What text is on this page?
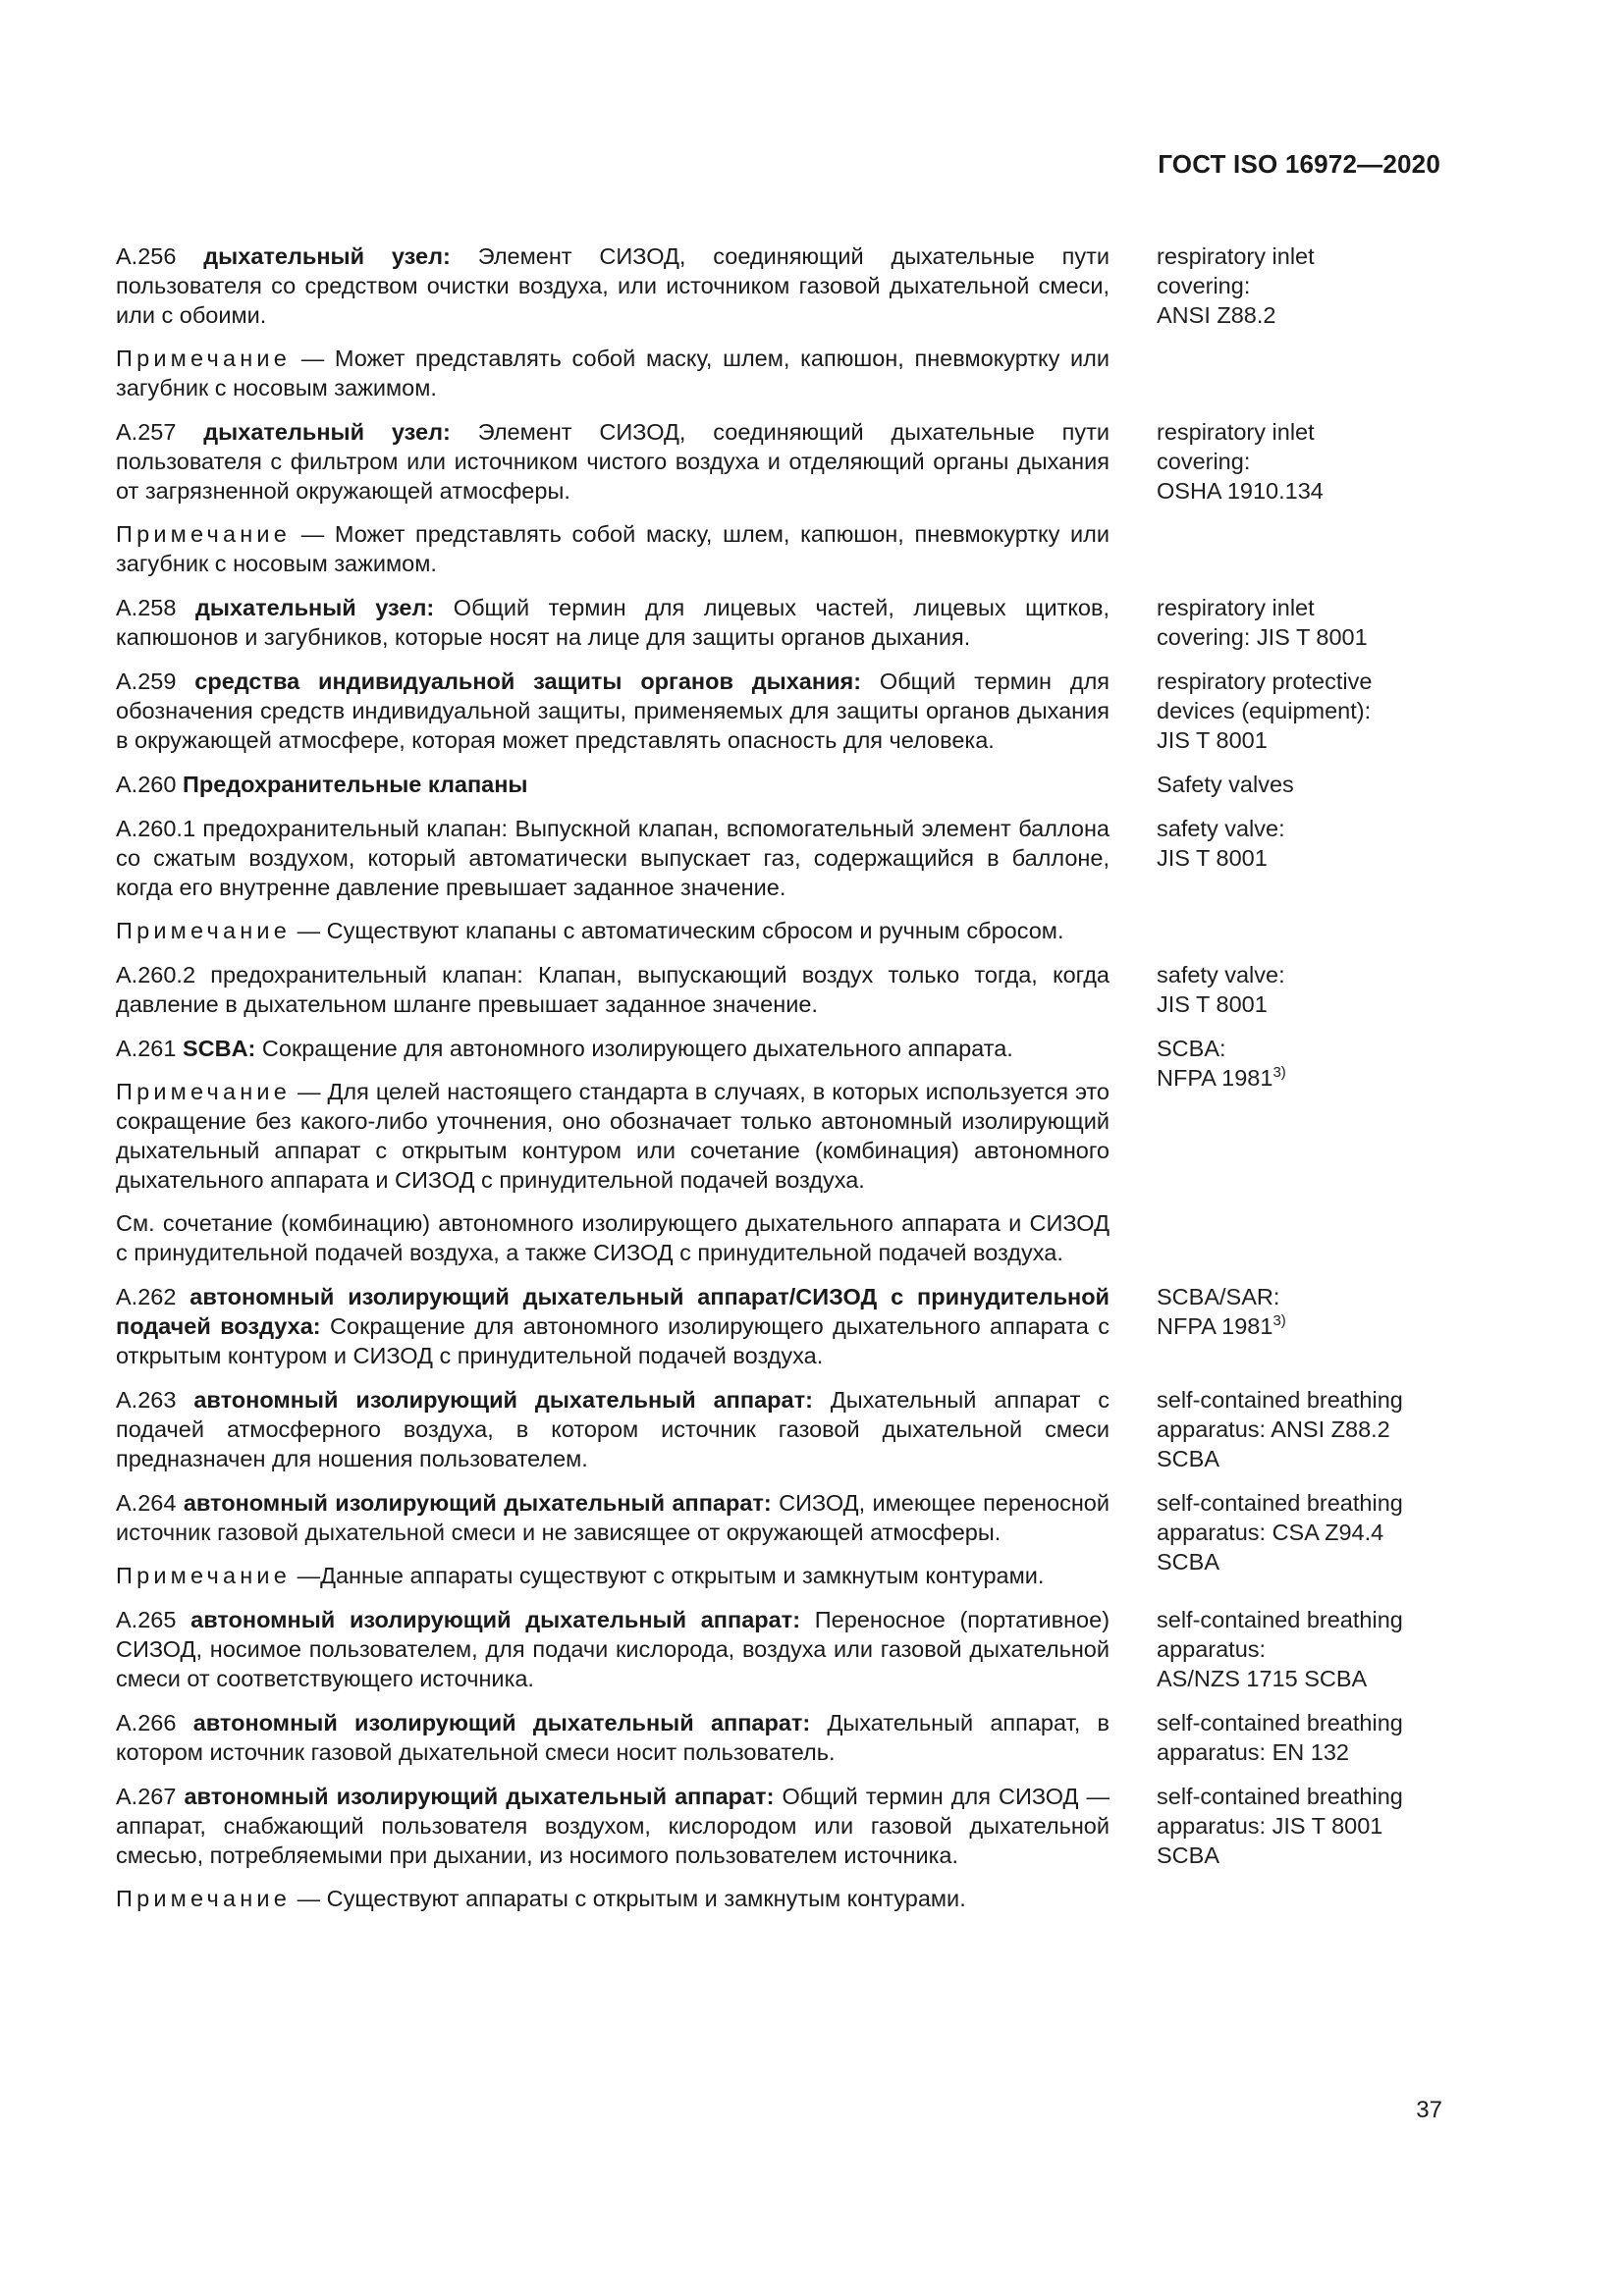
ГОСТ ISO 16972—2020

А.256 дыхательный узел: Элемент СИЗОД, соединяющий дыхательные пути пользователя со средством очистки воздуха, или источником газовой дыхательной смеси, или с обоими.

Примечание — Может представлять собой маску, шлем, капюшон, пневмокуртку или загубник с носовым зажимом.

respiratory inlet
covering:
ANSI Z88.2

А.257 дыхательный узел: Элемент СИЗОД, соединяющий дыхательные пути пользователя с фильтром или источником чистого воздуха и отделяющий органы дыхания от загрязненной окружающей атмосферы.

Примечание — Может представлять собой маску, шлем, капюшон, пневмокуртку или загубник с носовым зажимом.

respiratory inlet
covering:
OSHA 1910.134

А.258 дыхательный узел: Общий термин для лицевых частей, лицевых щитков, капюшонов и загубников, которые носят на лице для защиты органов дыхания.

respiratory inlet
covering: JIS T 8001

А.259 средства индивидуальной защиты органов дыхания: Общий термин для обозначения средств индивидуальной защиты, применяемых для защиты органов дыхания в окружающей атмосфере, которая может представлять опасность для человека.

respiratory protective
devices (equipment):
JIS T 8001

А.260 Предохранительные клапаны	Safety valves

А.260.1 предохранительный клапан: Выпускной клапан, вспомогательный элемент баллона со сжатым воздухом, который автоматически выпускает газ, содержащийся в баллоне, когда его внутренне давление превышает заданное значение.

Примечание — Существуют клапаны с автоматическим сбросом и ручным сбросом.

safety valve:
JIS T 8001

А.260.2 предохранительный клапан: Клапан, выпускающий воздух только тогда, когда давление в дыхательном шланге превышает заданное значение.

safety valve:
JIS T 8001

А.261 SCBA: Сокращение для автономного изолирующего дыхательного аппарата.

Примечание — Для целей настоящего стандарта в случаях, в которых используется это сокращение без какого-либо уточнения, оно обозначает только автономный изолирующий дыхательный аппарат с открытым контуром или сочетание (комбинация) автономного дыхательного аппарата и СИЗОД с принудительной подачей воздуха.

См. сочетание (комбинацию) автономного изолирующего дыхательного аппарата и СИЗОД с принудительной подачей воздуха, а также СИЗОД с принудительной подачей воздуха.

SCBA:
NFPA 1981$^{3)}$

А.262 автономный изолирующий дыхательный аппарат/СИЗОД с принудительной подачей воздуха: Сокращение для автономного изолирующего дыхательного аппарата с открытым контуром и СИЗОД с принудительной подачей воздуха.

SCBA/SAR:
NFPA 1981$^{3)}$

А.263 автономный изолирующий дыхательный аппарат: Дыхательный аппарат с подачей атмосферного воздуха, в котором источник газовой дыхательной смеси предназначен для ношения пользователем.

self-contained breathing
apparatus: ANSI Z88.2
SCBA

А.264 автономный изолирующий дыхательный аппарат: СИЗОД, имеющее переносной источник газовой дыхательной смеси и не зависящее от окружающей атмосферы.

Примечание —Данные аппараты существуют с открытым и замкнутым контурами.

self-contained breathing
apparatus: CSA Z94.4
SCBA

А.265 автономный изолирующий дыхательный аппарат: Переносное (портативное) СИЗОД, носимое пользователем, для подачи кислорода, воздуха или газовой дыхательной смеси от соответствующего источника.

self-contained breathing
apparatus:
AS/NZS 1715 SCBA

А.266 автономный изолирующий дыхательный аппарат: Дыхательный аппарат, в котором источник газовой дыхательной смеси носит пользователь.

self-contained breathing
apparatus: EN 132

А.267 автономный изолирующий дыхательный аппарат: Общий термин для СИЗОД — аппарат, снабжающий пользователя воздухом, кислородом или газовой дыхательной смесью, потребляемыми при дыхании, из носимого пользователем источника.

Примечание — Существуют аппараты с открытым и замкнутым контурами.

self-contained breathing
apparatus: JIS T 8001
SCBA
37
